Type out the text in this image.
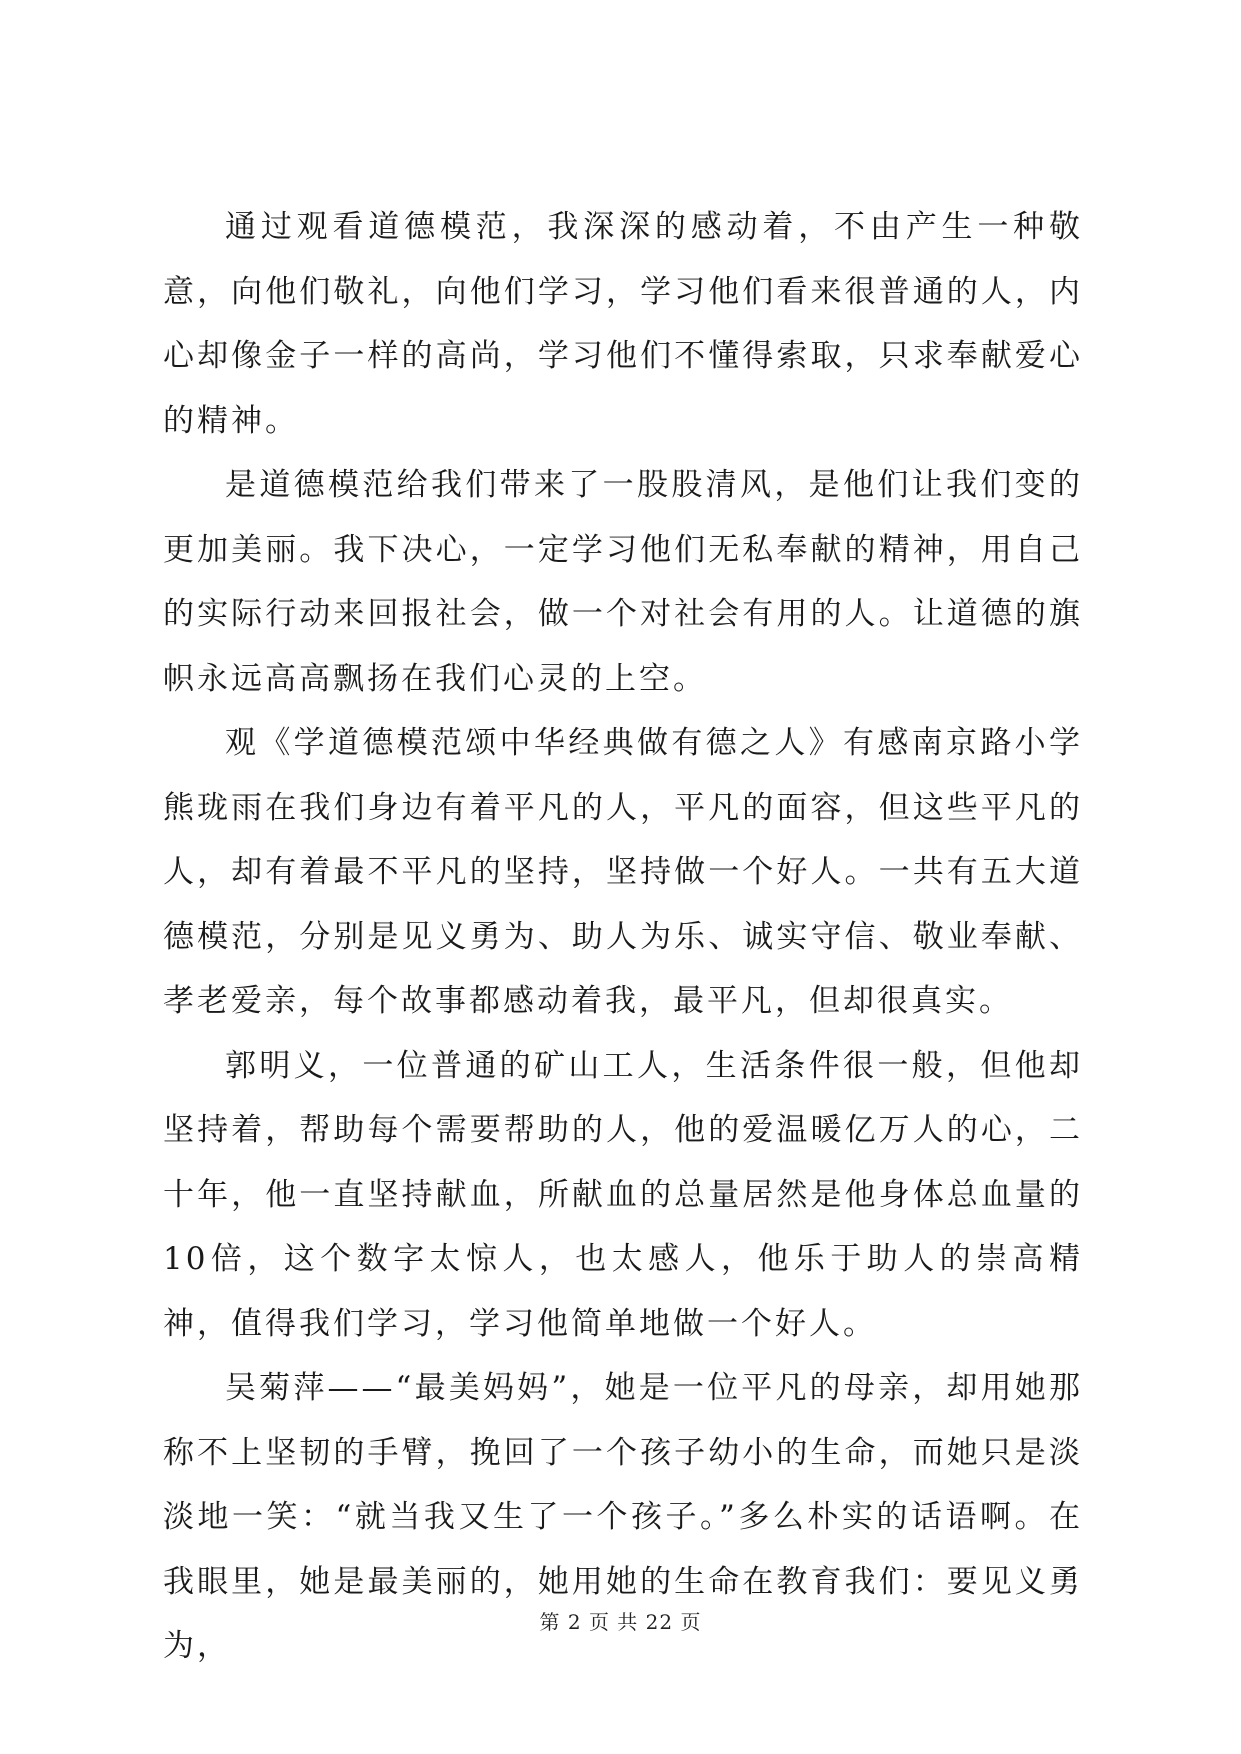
通过观看道德模范，我深深的感动着，不由产生一种敬意，向他们敬礼，向他们学习，学习他们看来很普通的人，内心却像金子一样的高尚，学习他们不懂得索取，只求奉献爱心的精神。

是道德模范给我们带来了一股股清风，是他们让我们变的更加美丽。我下决心，一定学习他们无私奉献的精神，用自己的实际行动来回报社会，做一个对社会有用的人。让道德的旗帜永远高高飘扬在我们心灵的上空。

观《学道德模范颂中华经典做有德之人》有感南京路小学熊珑雨在我们身边有着平凡的人，平凡的面容，但这些平凡的人，却有着最不平凡的坚持，坚持做一个好人。一共有五大道德模范，分别是见义勇为、助人为乐、诚实守信、敬业奉献、孝老爱亲，每个故事都感动着我，最平凡，但却很真实。

郭明义，一位普通的矿山工人，生活条件很一般，但他却坚持着，帮助每个需要帮助的人，他的爱温暖亿万人的心，二十年，他一直坚持献血，所献血的总量居然是他身体总血量的10倍，这个数字太惊人，也太感人，他乐于助人的崇高精神，值得我们学习，学习他简单地做一个好人。

吴菊萍——“最美妈妈”，她是一位平凡的母亲，却用她那称不上坚韧的手臂，挽回了一个孩子幼小的生命，而她只是淡淡地一笑：“就当我又生了一个孩子。”多么朴实的话语啊。在我眼里，她是最美丽的，她用她的生命在教育我们：要见义勇为，

第 2 页 共 22 页
